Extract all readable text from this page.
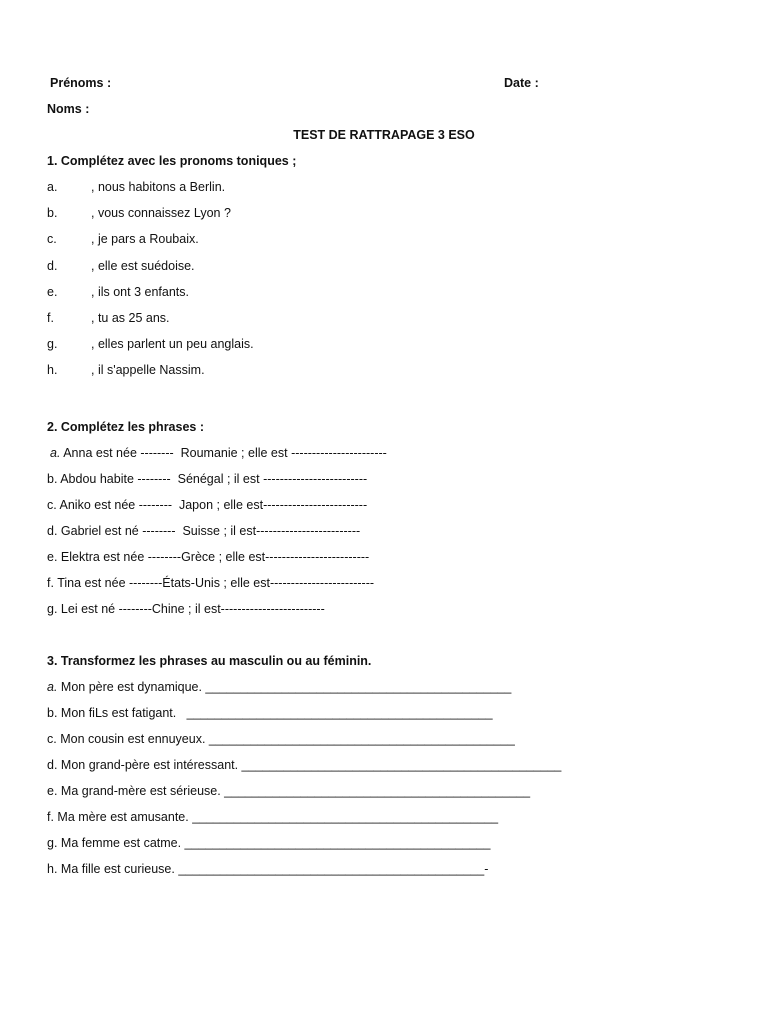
Prénoms :	Date :
Noms :
TEST DE RATTRAPAGE 3 ESO
1. Complétez avec les pronoms toniques ;
a.	, nous habitons a Berlin.
b.	, vous connaissez Lyon ?
c.	, je pars a Roubaix.
d.	, elle est suédoise.
e.	, ils ont 3 enfants.
f.	, tu as 25 ans.
g.	, elles parlent un peu anglais.
h.	, il s'appelle Nassim.
2. Complétez les phrases :
a. Anna est née --------  Roumanie ; elle est -----------------------
b. Abdou habite --------  Sénégal ; il est -------------------------
c. Aniko est née --------  Japon ; elle est-------------------------
d. Gabriel est né --------  Suisse ; il est-------------------------
e. Elektra est née --------Grèce ; elle est-------------------------
f. Tina est née --------États-Unis ; elle est-------------------------
g. Lei est né --------Chine ; il est-------------------------
3. Transformez les phrases au masculin ou au féminin.
a. Mon père est dynamique. ____________________________________________
b. Mon fiLs est fatigant.   ____________________________________________
c. Mon cousin est ennuyeux. ____________________________________________
d. Mon grand-père est intéressant. ______________________________________________
e. Ma grand-mère est sérieuse. ____________________________________________
f. Ma mère est amusante. ____________________________________________
g. Ma femme est catme. ____________________________________________
h. Ma fille est curieuse. ____________________________________________-
